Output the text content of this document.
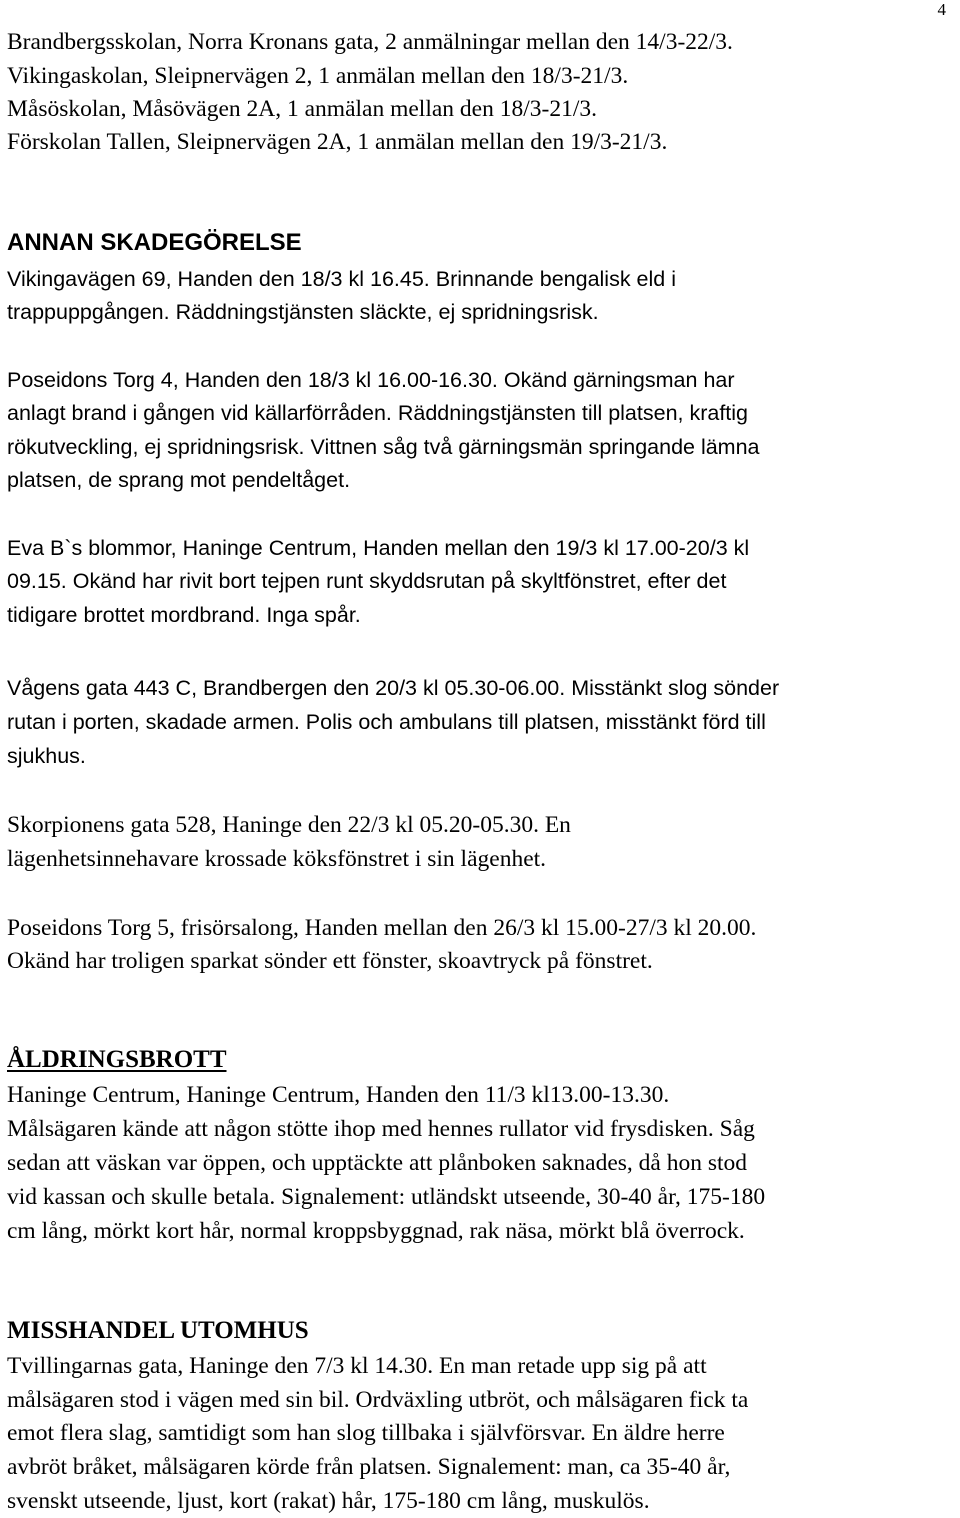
4
Brandbergsskolan, Norra Kronans gata, 2 anmälningar mellan den 14/3-22/3.
Vikingaskolan, Sleipnervägen 2, 1 anmälan mellan den 18/3-21/3.
Måsöskolan, Måsövägen 2A, 1 anmälan mellan den 18/3-21/3.
Förskolan Tallen, Sleipnervägen 2A, 1 anmälan mellan den 19/3-21/3.
ANNAN SKADEGÖRELSE
Vikingavägen 69, Handen den 18/3 kl 16.45. Brinnande bengalisk eld i
trappuppgången. Räddningstjänsten släckte, ej spridningsrisk.
Poseidons Torg 4, Handen den 18/3 kl 16.00-16.30. Okänd gärningsman har
anlagt brand i gången vid källarförråden. Räddningstjänsten till platsen, kraftig
rökutveckling, ej spridningsrisk. Vittnen såg två gärningsmän springande lämna
platsen, de sprang mot pendeltåget.
Eva B`s blommor, Haninge Centrum, Handen mellan den 19/3 kl 17.00-20/3 kl
09.15. Okänd har rivit bort tejpen runt skyddsrutan på skyltfönstret, efter det
tidigare brottet mordbrand. Inga spår.
Vågens gata 443 C, Brandbergen den 20/3 kl 05.30-06.00. Misstänkt slog sönder
rutan i porten, skadade armen. Polis och ambulans till platsen, misstänkt förd till
sjukhus.
Skorpionens gata 528, Haninge den 22/3 kl 05.20-05.30. En
lägenhetsinnehavare krossade köksfönstret i sin lägenhet.
Poseidons Torg 5, frisörsalong, Handen mellan den 26/3 kl 15.00-27/3 kl 20.00.
Okänd har troligen sparkat sönder ett fönster, skoavtryck på fönstret.
ÅLDRINGSBROTT
Haninge Centrum, Haninge Centrum, Handen den 11/3 kl13.00-13.30.
Målsägaren kände att någon stötte ihop med hennes rullator vid frysdisken. Såg
sedan att väskan var öppen, och upptäckte att plånboken saknades, då hon stod
vid kassan och skulle betala. Signalement: utländskt utseende, 30-40 år, 175-180
cm lång, mörkt kort hår, normal kroppsbyggnad, rak näsa, mörkt blå överrock.
MISSHANDEL UTOMHUS
Tvillingarnas gata, Haninge den 7/3 kl 14.30. En man retade upp sig på att
målsägaren stod i vägen med sin bil. Ordväxling utbröt, och målsägaren fick ta
emot flera slag, samtidigt som han slog tillbaka i självförsvar. En äldre herre
avbröt bråket, målsägaren körde från platsen. Signalement: man, ca 35-40 år,
svenskt utseende, ljust, kort (rakat) hår, 175-180 cm lång, muskulös.
